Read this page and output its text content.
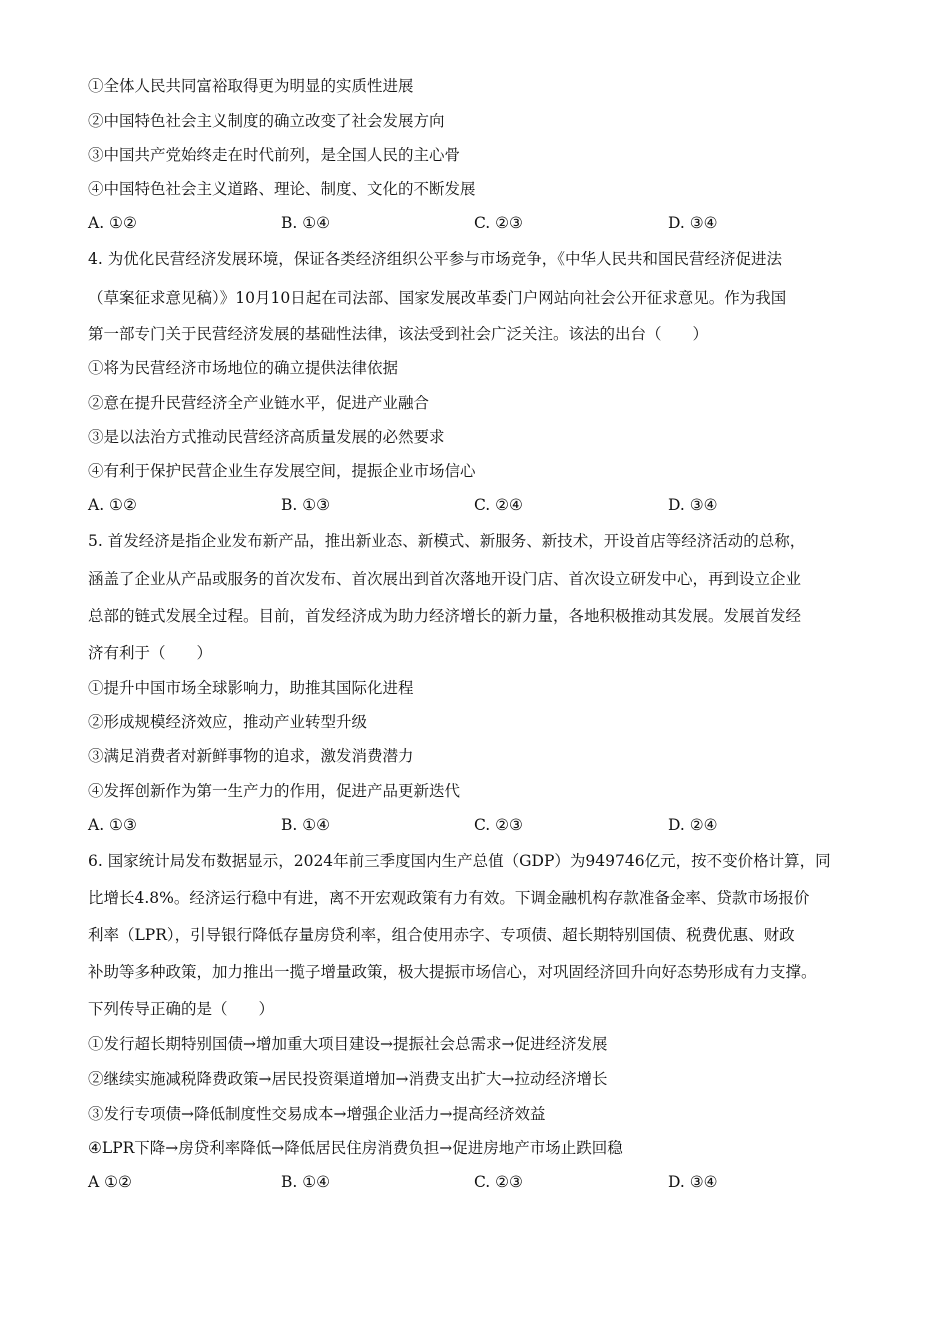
①全体人民共同富裕取得更为明显的实质性进展
②中国特色社会主义制度的确立改变了社会发展方向
③中国共产党始终走在时代前列，是全国人民的主心骨
④中国特色社会主义道路、理论、制度、文化的不断发展
A. ①②	B. ①④	C. ②③	D. ③④
4. 为优化民营经济发展环境，保证各类经济组织公平参与市场竞争，《中华人民共和国民营经济促进法
（草案征求意见稿）》10月10日起在司法部、国家发展改革委门户网站向社会公开征求意见。作为我国
第一部专门关于民营经济发展的基础性法律，该法受到社会广泛关注。该法的出台（　　）
①将为民营经济市场地位的确立提供法律依据
②意在提升民营经济全产业链水平，促进产业融合
③是以法治方式推动民营经济高质量发展的必然要求
④有利于保护民营企业生存发展空间，提振企业市场信心
A. ①②	B. ①③	C. ②④	D. ③④
5. 首发经济是指企业发布新产品，推出新业态、新模式、新服务、新技术，开设首店等经济活动的总称，
涵盖了企业从产品或服务的首次发布、首次展出到首次落地开设门店、首次设立研发中心，再到设立企业
总部的链式发展全过程。目前，首发经济成为助力经济增长的新力量，各地积极推动其发展。发展首发经
济有利于（　　）
①提升中国市场全球影响力，助推其国际化进程
②形成规模经济效应，推动产业转型升级
③满足消费者对新鲜事物的追求，激发消费潜力
④发挥创新作为第一生产力的作用，促进产品更新迭代
A. ①③	B. ①④	C. ②③	D. ②④
6. 国家统计局发布数据显示，2024年前三季度国内生产总值（GDP）为949746亿元，按不变价格计算，同
比增长4.8%。经济运行稳中有进，离不开宏观政策有力有效。下调金融机构存款准备金率、贷款市场报价
利率（LPR），引导银行降低存量房贷利率，组合使用赤字、专项债、超长期特别国债、税费优惠、财政
补助等多种政策，加力推出一揽子增量政策，极大提振市场信心，对巩固经济回升向好态势形成有力支撑。
下列传导正确的是（　　）
①发行超长期特别国债→增加重大项目建设→提振社会总需求→促进经济发展
②继续实施减税降费政策→居民投资渠道增加→消费支出扩大→拉动经济增长
③发行专项债→降低制度性交易成本→增强企业活力→提高经济效益
④LPR下降→房贷利率降低→降低居民住房消费负担→促进房地产市场止跌回稳
A ①②	B. ①④	C. ②③	D. ③④
